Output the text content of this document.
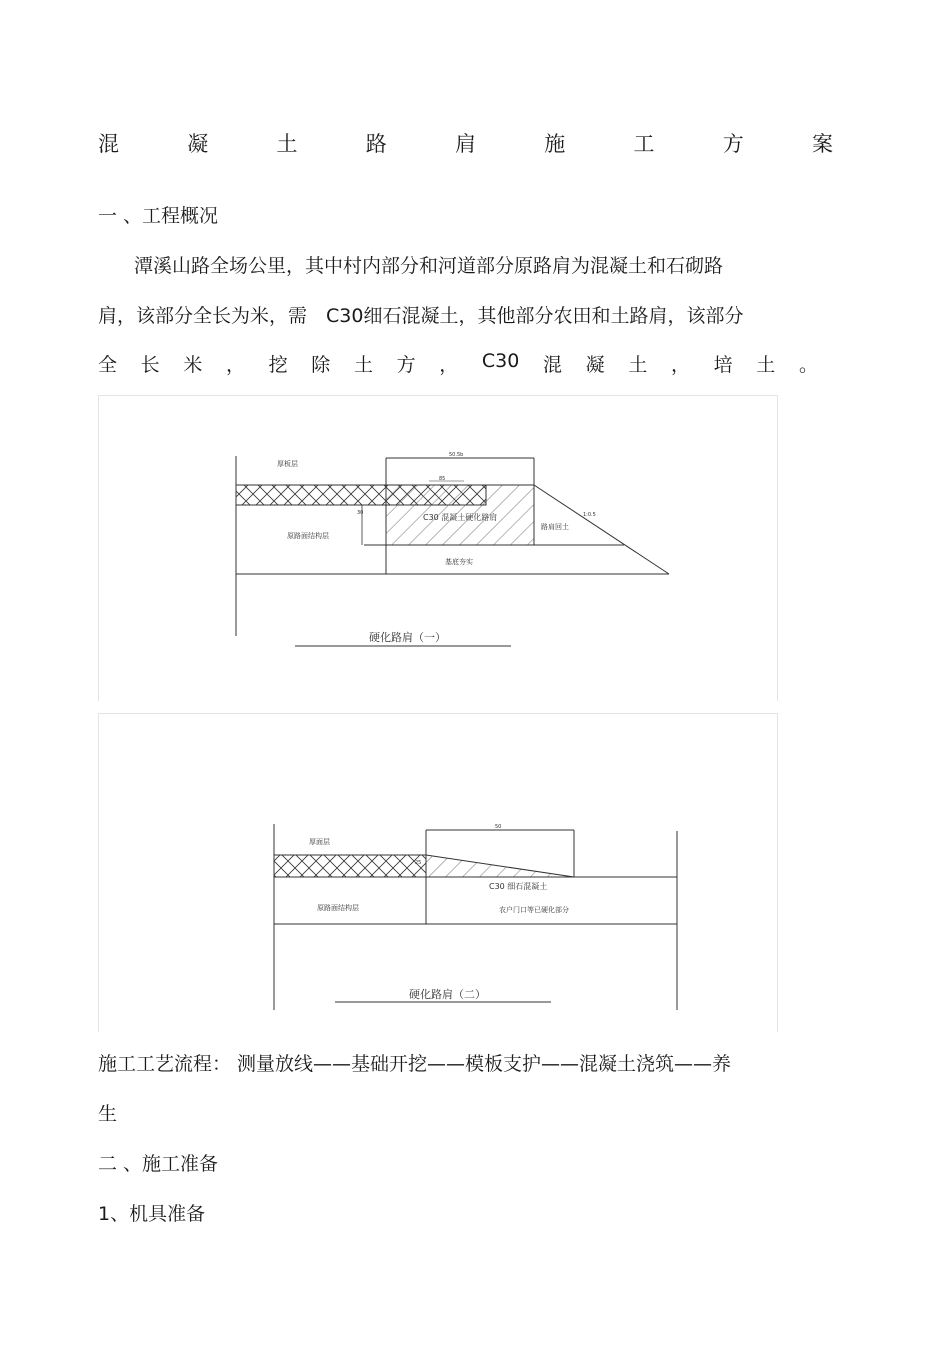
混	凝	土	路	肩	施	工	方	案
一 、工程概况
潭溪山路全场公里，其中村内部分和河道部分原路肩为混凝土和石砌路
肩，该部分全长为米，需　C30细石混凝土，其他部分农田和土路肩，该部分
全 长 米 ， 挖 除 土 方 ， C30 混 凝 土 ， 培 土 。
厚板层
原路面结构层
C30 混凝土硬化路肩
路肩回土
基底夯实
50.5b
85
1:0.5
30
硬化路肩（一）
厚面层
原路面结构层
C30 细石混凝土
农户门口等已硬化部分
50
25
硬化路肩（二）
施工工艺流程： 测量放线——基础开挖——模板支护——混凝土浇筑——养
生
二 、施工准备
1、机具准备
